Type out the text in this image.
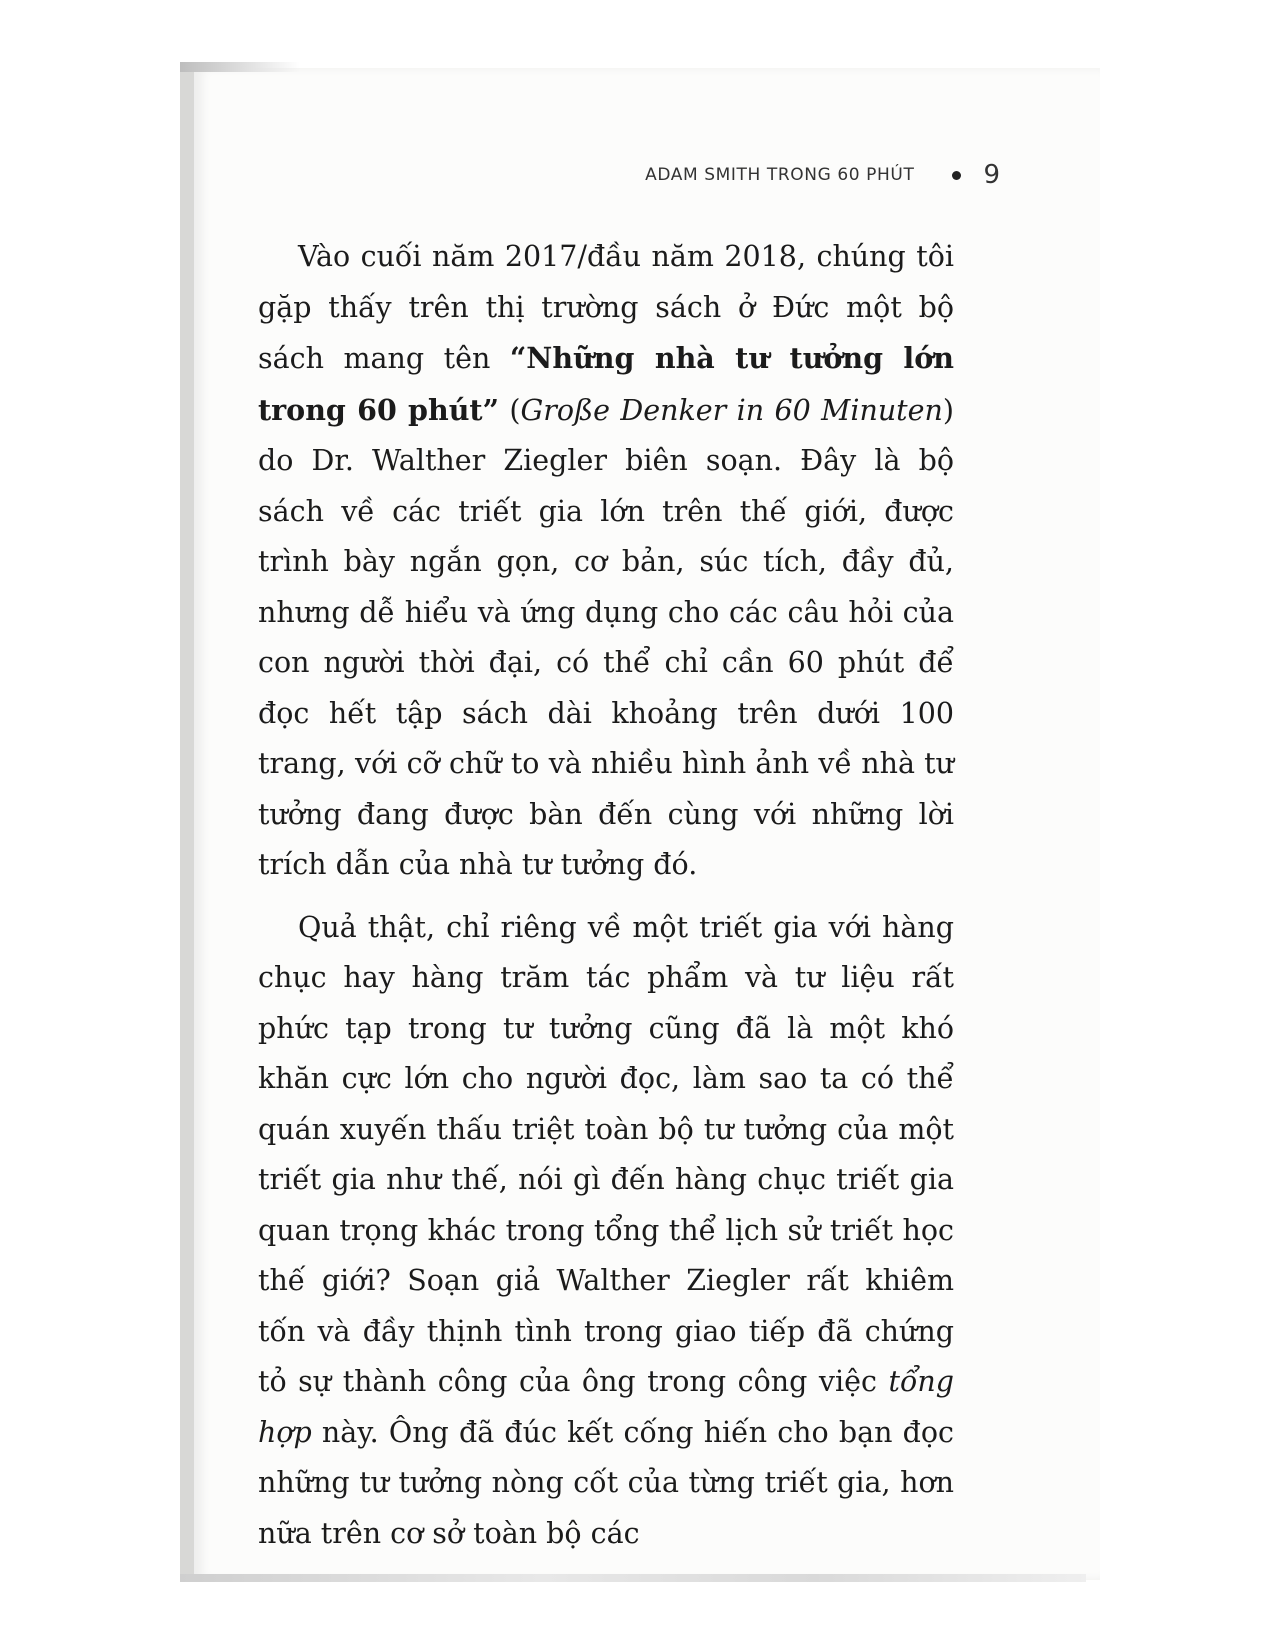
ADAM SMITH TRONG 60 PHÚT	9

Vào cuối năm 2017/đầu năm 2018, chúng tôi gặp thấy trên thị trường sách ở Đức một bộ sách mang tên “Những nhà tư tưởng lớn trong 60 phút” (Große Denker in 60 Minuten) do Dr. Walther Ziegler biên soạn. Đây là bộ sách về các triết gia lớn trên thế giới, được trình bày ngắn gọn, cơ bản, súc tích, đầy đủ, nhưng dễ hiểu và ứng dụng cho các câu hỏi của con người thời đại, có thể chỉ cần 60 phút để đọc hết tập sách dài khoảng trên dưới 100 trang, với cỡ chữ to và nhiều hình ảnh về nhà tư tưởng đang được bàn đến cùng với những lời trích dẫn của nhà tư tưởng đó.

Quả thật, chỉ riêng về một triết gia với hàng chục hay hàng trăm tác phẩm và tư liệu rất phức tạp trong tư tưởng cũng đã là một khó khăn cực lớn cho người đọc, làm sao ta có thể quán xuyến thấu triệt toàn bộ tư tưởng của một triết gia như thế, nói gì đến hàng chục triết gia quan trọng khác trong tổng thể lịch sử triết học thế giới? Soạn giả Walther Ziegler rất khiêm tốn và đầy thịnh tình trong giao tiếp đã chứng tỏ sự thành công của ông trong công việc tổng hợp này. Ông đã đúc kết cống hiến cho bạn đọc những tư tưởng nòng cốt của từng triết gia, hơn nữa trên cơ sở toàn bộ các
